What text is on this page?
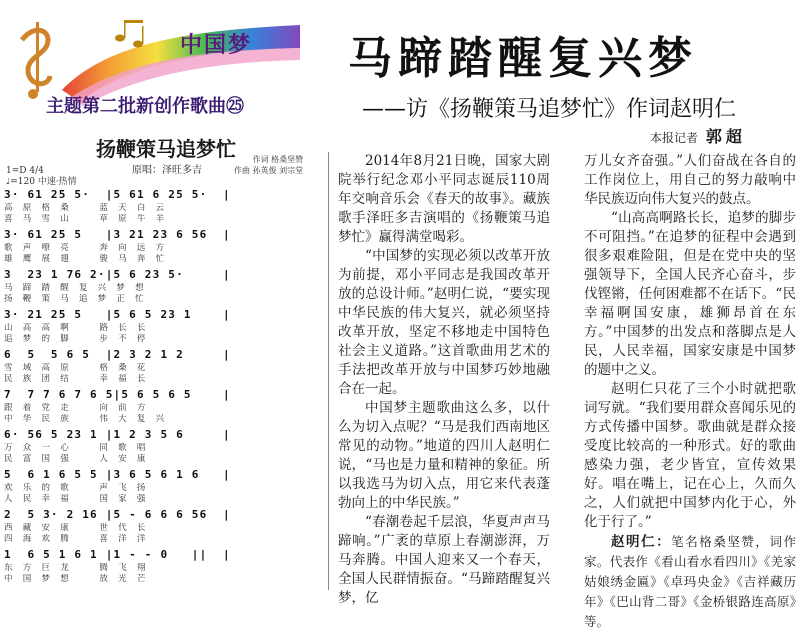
中国梦
主题第二批新创作歌曲㉕
马蹄踏醒复兴梦
——访《扬鞭策马追梦忙》作词赵明仁
本报记者 郭超
扬鞭策马追梦忙
原唱：泽旺多吉
作词 格桑坚赞
作曲 孙英俊 刘宗堂
1=D 4/4
♩=120 中速·热情
3· 61 25 5·  |5 61 6 25 5·  |
高  原  格  桑      蓝  天  白  云
喜  马  雪  山      草  原  牛  羊
3· 61 25 5   |3 21 23 6 56  |
歌  声  嘹  亮      奔  向  远  方
雄  鹰  展  翅      骏  马  奔  忙
3  23 1 76 2·|5 6 23 5·     |
马  蹄  踏  醒  复  兴  梦  想
扬  鞭  策  马  追  梦  正  忙
3· 21 25 5   |5 6 5 23 1    |
山  高  高  啊      路  长  长
追  梦  的  脚      步  不  停
6  5  5 6 5  |2 3 2 1 2     |
雪  域  高  原      格  桑  花
民  族  团  结      幸  福  长
7  7 7 6 7 6 5|5 6 5 6 5    |
跟  着  党  走      向  前  方
中  华  民  族      伟  大  复  兴
6· 56 5 23 1 |1 2 3 5 6     |
万  众  一  心      同  歌  唱
民  富  国  强      人  安  康
5  6 1 6 5 5 |3 6 5 6 1 6   |
欢  乐  的  歌      声  飞  扬
人  民  幸  福      国  家  强
2  5 3· 2 16 |5 - 6 6 6 56  |
西  藏  安  康      世  代  长
四  海  欢  腾      喜  洋  洋
1  6 5 1 6 1 |1 - - 0   ||  |
东  方  巨  龙      腾  飞  翔
中  国  梦  想      放  光  芒

2014年8月21日晚，国家大剧院举行纪念邓小平同志诞辰110周年交响音乐会《春天的故事》。藏族歌手泽旺多吉演唱的《扬鞭策马追梦忙》赢得满堂喝彩。

“中国梦的实现必须以改革开放为前提，邓小平同志是我国改革开放的总设计师。”赵明仁说，“要实现中华民族的伟大复兴，就必须坚持改革开放，坚定不移地走中国特色社会主义道路。”这首歌曲用艺术的手法把改革开放与中国梦巧妙地融合在一起。

中国梦主题歌曲这么多，以什么为切入点呢？“马是我们西南地区常见的动物。”地道的四川人赵明仁说，“马也是力量和精神的象征。所以我选马为切入点，用它来代表蓬勃向上的中华民族。”

“春潮卷起千层浪，华夏声声马蹄响。”广袤的草原上春潮澎湃，万马奔腾。中国人迎来又一个春天，全国人民群情振奋。“马蹄踏醒复兴梦，亿

万儿女齐奋强。”人们奋战在各自的工作岗位上，用自己的努力敲响中华民族迈向伟大复兴的鼓点。

“山高高啊路长长，追梦的脚步不可阻挡。”在追梦的征程中会遇到很多艰难险阻，但是在党中央的坚强领导下，全国人民齐心奋斗，步伐铿锵，任何困难都不在话下。“民幸福啊国安康，雄狮昂首在东方。”中国梦的出发点和落脚点是人民，人民幸福，国家安康是中国梦的题中之义。

赵明仁只花了三个小时就把歌词写就。“我们要用群众喜闻乐见的方式传播中国梦。歌曲就是群众接受度比较高的一种形式。好的歌曲感染力强，老少皆宜，宣传效果好。唱在嘴上，记在心上，久而久之，人们就把中国梦内化于心，外化于行了。”

赵明仁：笔名格桑坚赞，词作家。代表作《看山看水看四川》《羌家姑娘绣金匾》《卓玛央金》《吉祥藏历年》《巴山背二哥》《金桥银路连高原》等。
